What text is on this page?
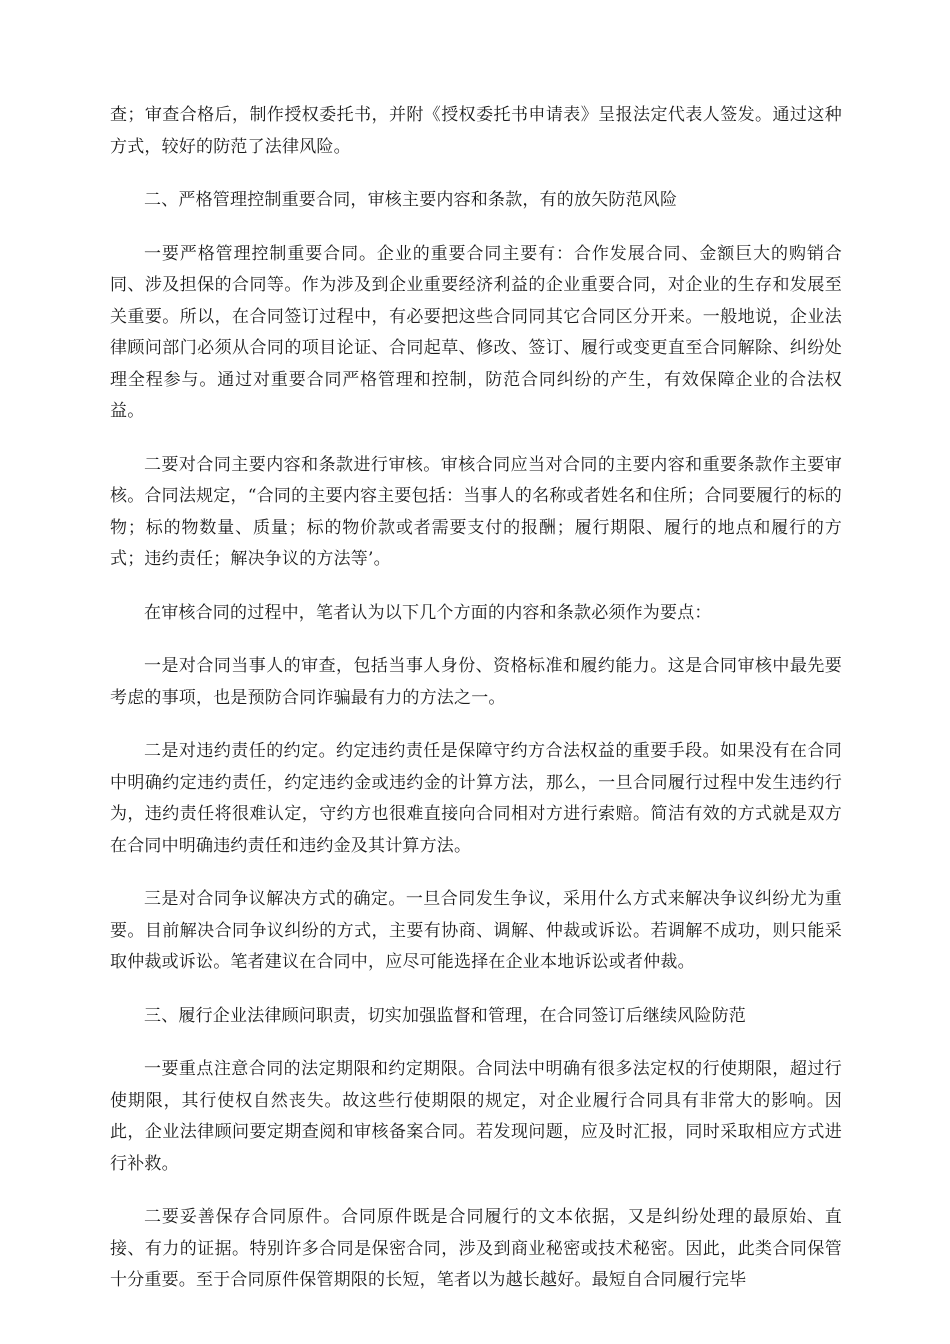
查；审查合格后，制作授权委托书，并附《授权委托书申请表》呈报法定代表人签发。通过这种方式，较好的防范了法律风险。

二、严格管理控制重要合同，审核主要内容和条款，有的放矢防范风险

一要严格管理控制重要合同。企业的重要合同主要有：合作发展合同、金额巨大的购销合同、涉及担保的合同等。作为涉及到企业重要经济利益的企业重要合同，对企业的生存和发展至关重要。所以，在合同签订过程中，有必要把这些合同同其它合同区分开来。一般地说，企业法律顾问部门必须从合同的项目论证、合同起草、修改、签订、履行或变更直至合同解除、纠纷处理全程参与。通过对重要合同严格管理和控制，防范合同纠纷的产生，有效保障企业的合法权益。

二要对合同主要内容和条款进行审核。审核合同应当对合同的主要内容和重要条款作主要审核。合同法规定，“合同的主要内容主要包括：当事人的名称或者姓名和住所；合同要履行的标的物；标的物数量、质量；标的物价款或者需要支付的报酬；履行期限、履行的地点和履行的方式；违约责任；解决争议的方法等’。

在审核合同的过程中，笔者认为以下几个方面的内容和条款必须作为要点：

一是对合同当事人的审查，包括当事人身份、资格标准和履约能力。这是合同审核中最先要考虑的事项，也是预防合同诈骗最有力的方法之一。

二是对违约责任的约定。约定违约责任是保障守约方合法权益的重要手段。如果没有在合同中明确约定违约责任，约定违约金或违约金的计算方法，那么，一旦合同履行过程中发生违约行为，违约责任将很难认定，守约方也很难直接向合同相对方进行索赔。简洁有效的方式就是双方在合同中明确违约责任和违约金及其计算方法。

三是对合同争议解决方式的确定。一旦合同发生争议，采用什么方式来解决争议纠纷尤为重要。目前解决合同争议纠纷的方式，主要有协商、调解、仲裁或诉讼。若调解不成功，则只能采取仲裁或诉讼。笔者建议在合同中，应尽可能选择在企业本地诉讼或者仲裁。

三、履行企业法律顾问职责，切实加强监督和管理，在合同签订后继续风险防范

一要重点注意合同的法定期限和约定期限。合同法中明确有很多法定权的行使期限，超过行使期限，其行使权自然丧失。故这些行使期限的规定，对企业履行合同具有非常大的影响。因此，企业法律顾问要定期查阅和审核备案合同。若发现问题，应及时汇报，同时采取相应方式进行补救。

二要妥善保存合同原件。合同原件既是合同履行的文本依据，又是纠纷处理的最原始、直接、有力的证据。特别许多合同是保密合同，涉及到商业秘密或技术秘密。因此，此类合同保管十分重要。至于合同原件保管期限的长短，笔者以为越长越好。最短自合同履行完毕
